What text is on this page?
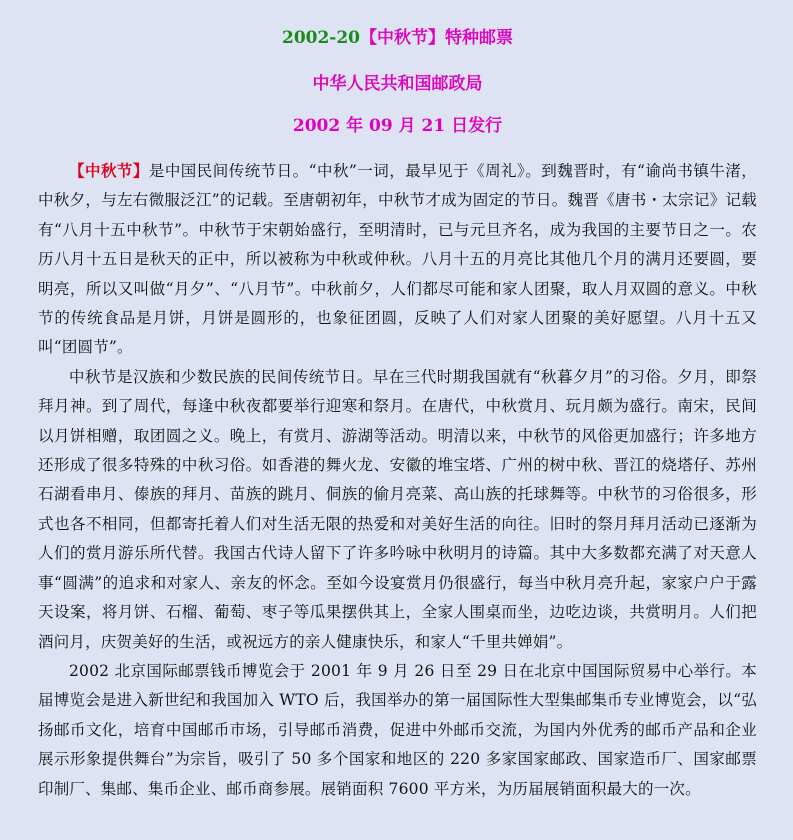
2002-20【中秋节】特种邮票
中华人民共和国邮政局
2002 年 09 月 21 日发行

【中秋节】是中国民间传统节日。“中秋”一词，最早见于《周礼》。到魏晋时，有“谕尚书镇牛渚，中秋夕，与左右微服泛江”的记载。至唐朝初年，中秋节才成为固定的节日。魏晋《唐书・太宗记》记载有“八月十五中秋节”。中秋节于宋朝始盛行，至明清时，已与元旦齐名，成为我国的主要节日之一。农历八月十五日是秋天的正中，所以被称为中秋或仲秋。八月十五的月亮比其他几个月的满月还要圆，要明亮，所以又叫做“月夕”、“八月节”。中秋前夕，人们都尽可能和家人团聚，取人月双圆的意义。中秋节的传统食品是月饼，月饼是圆形的，也象征团圆，反映了人们对家人团聚的美好愿望。八月十五又叫“团圆节”。

中秋节是汉族和少数民族的民间传统节日。早在三代时期我国就有“秋暮夕月”的习俗。夕月，即祭拜月神。到了周代，每逢中秋夜都要举行迎寒和祭月。在唐代，中秋赏月、玩月颇为盛行。南宋，民间以月饼相赠，取团圆之义。晚上，有赏月、游湖等活动。明清以来，中秋节的风俗更加盛行；许多地方还形成了很多特殊的中秋习俗。如香港的舞火龙、安徽的堆宝塔、广州的树中秋、晋江的烧塔仔、苏州石湖看串月、傣族的拜月、苗族的跳月、侗族的偷月亮菜、高山族的托球舞等。中秋节的习俗很多，形式也各不相同，但都寄托着人们对生活无限的热爱和对美好生活的向往。旧时的祭月拜月活动已逐渐为人们的赏月游乐所代替。我国古代诗人留下了许多吟咏中秋明月的诗篇。其中大多数都充满了对天意人事“圆满”的追求和对家人、亲友的怀念。至如今设宴赏月仍很盛行，每当中秋月亮升起，家家户户于露天设案，将月饼、石榴、葡萄、枣子等瓜果摆供其上，全家人围桌而坐，边吃边谈，共赏明月。人们把酒问月，庆贺美好的生活，或祝远方的亲人健康快乐，和家人“千里共婵娟”。

2002 北京国际邮票钱币博览会于 2001 年 9 月 26 日至 29 日在北京中国国际贸易中心举行。本届博览会是进入新世纪和我国加入 WTO 后，我国举办的第一届国际性大型集邮集币专业博览会，以“弘扬邮币文化，培育中国邮币市场，引导邮币消费，促进中外邮币交流，为国内外优秀的邮币产品和企业展示形象提供舞台”为宗旨，吸引了 50 多个国家和地区的 220 多家国家邮政、国家造币厂、国家邮票印制厂、集邮、集币企业、邮币商参展。展销面积 7600 平方米，为历届展销面积最大的一次。
